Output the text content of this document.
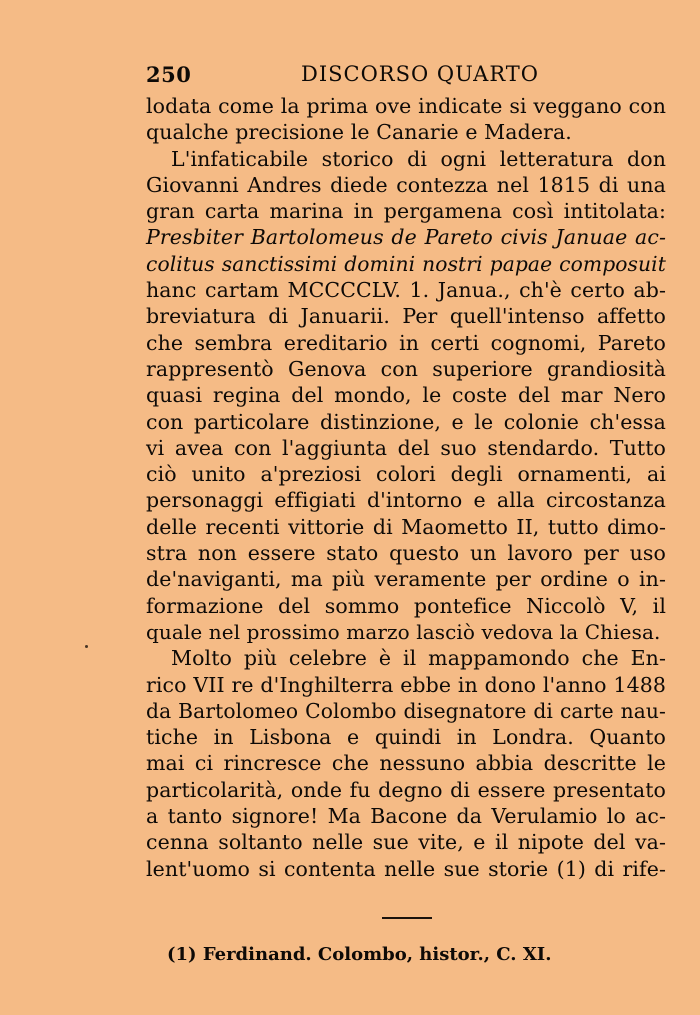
250	DISCORSO QUARTO
lodata come la prima ove indicate si veggano con
qualche precisione le Canarie e Madera.
L'infaticabile storico di ogni letteratura don
Giovanni Andres diede contezza nel 1815 di una
gran carta marina in pergamena così intitolata:
Presbiter Bartolomeus de Pareto civis Januae ac-
colitus sanctissimi domini nostri papae composuit
hanc cartam MCCCCLV. 1. Janua., ch'è certo ab-
breviatura di Januarii. Per quell'intenso affetto
che sembra ereditario in certi cognomi, Pareto
rappresentò Genova con superiore grandiosità
quasi regina del mondo, le coste del mar Nero
con particolare distinzione, e le colonie ch'essa
vi avea con l'aggiunta del suo stendardo. Tutto
ciò unito a'preziosi colori degli ornamenti, ai
personaggi effigiati d'intorno e alla circostanza
delle recenti vittorie di Maometto II, tutto dimo-
stra non essere stato questo un lavoro per uso
de'naviganti, ma più veramente per ordine o in-
formazione del sommo pontefice Niccolò V, il
quale nel prossimo marzo lasciò vedova la Chiesa.
Molto più celebre è il mappamondo che En-
rico VII re d'Inghilterra ebbe in dono l'anno 1488
da Bartolomeo Colombo disegnatore di carte nau-
tiche in Lisbona e quindi in Londra. Quanto
mai ci rincresce che nessuno abbia descritte le
particolarità, onde fu degno di essere presentato
a tanto signore! Ma Bacone da Verulamio lo ac-
cenna soltanto nelle sue vite, e il nipote del va-
lent'uomo si contenta nelle sue storie (1) di rife-
(1) Ferdinand. Colombo, histor., C. XI.
